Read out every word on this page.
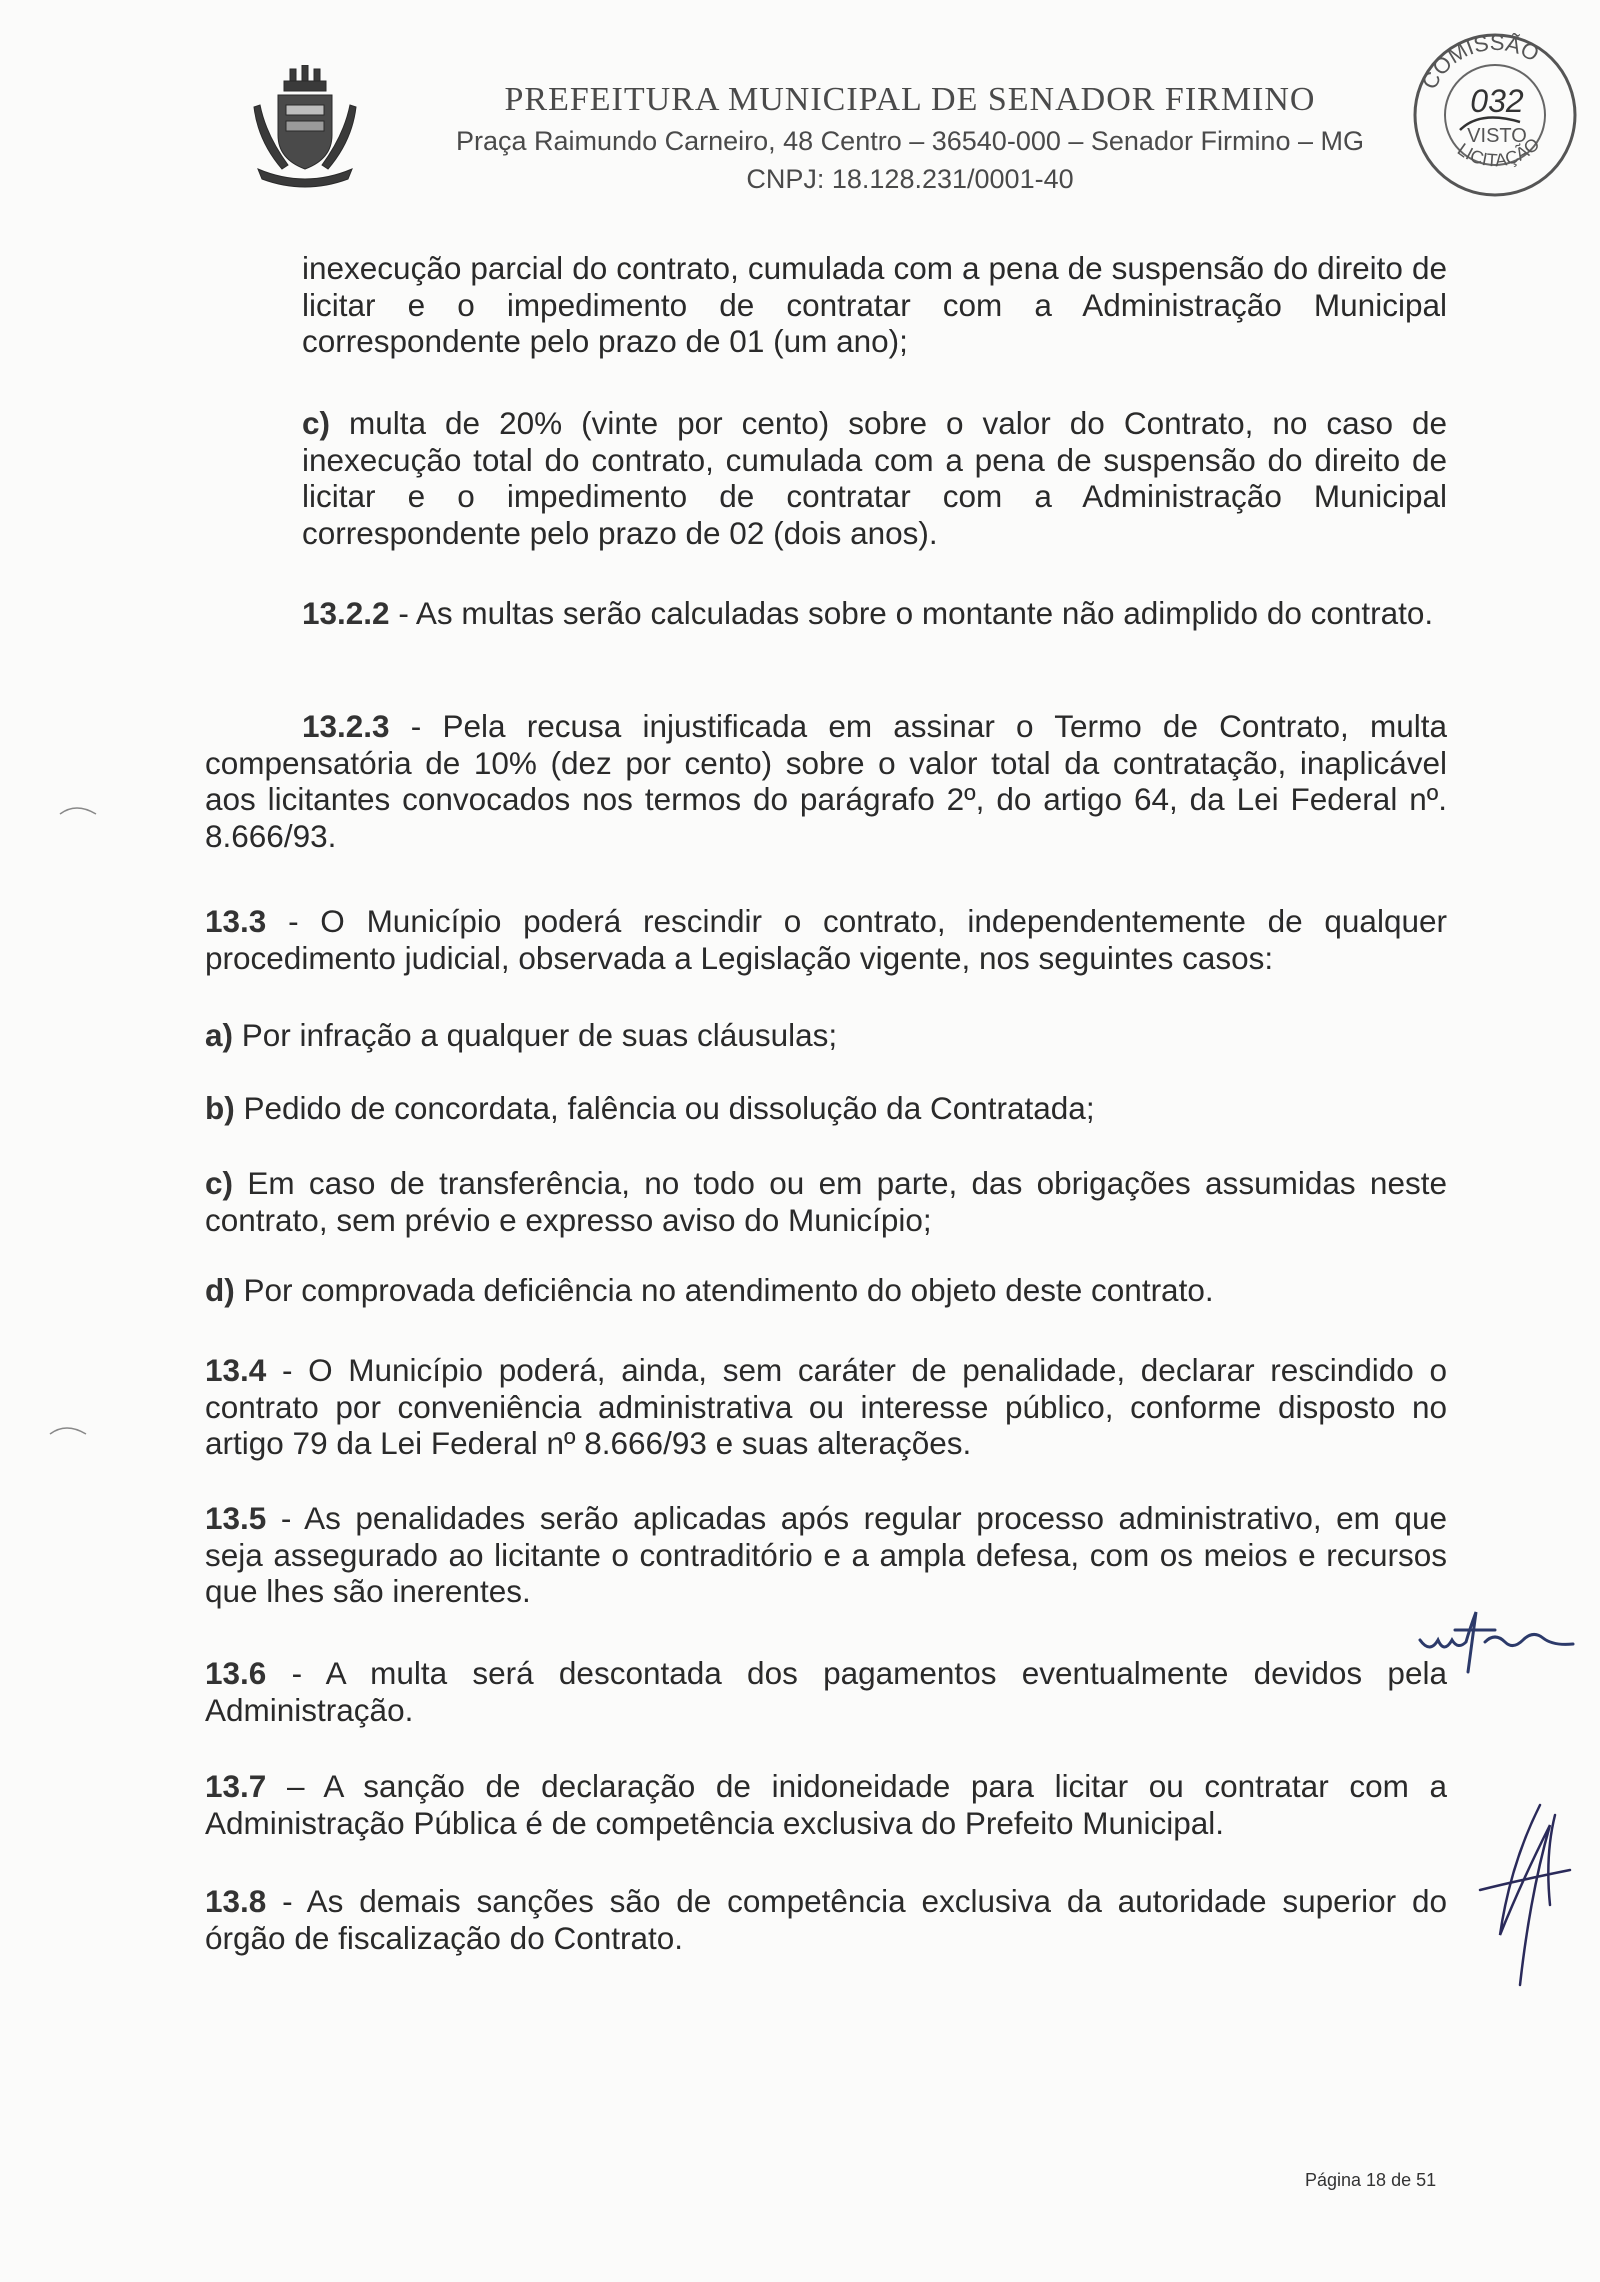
PREFEITURA MUNICIPAL DE SENADOR FIRMINO
Praça Raimundo Carneiro, 48 Centro – 36540-000 – Senador Firmino – MG
CNPJ: 18.128.231/0001-40
COMISSÃO
LICITAÇÃO
032
VISTO
inexecução parcial do contrato, cumulada com a pena de suspensão do direito de licitar e o impedimento de contratar com a Administração Municipal correspondente pelo prazo de 01 (um ano);
c) multa de 20% (vinte por cento) sobre o valor do Contrato, no caso de inexecução total do contrato, cumulada com a pena de suspensão do direito de licitar e o impedimento de contratar com a Administração Municipal correspondente pelo prazo de 02 (dois anos).
13.2.2 - As multas serão calculadas sobre o montante não adimplido do contrato.
13.2.3 - Pela recusa injustificada em assinar o Termo de Contrato, multa compensatória de 10% (dez por cento) sobre o valor total da contratação, inaplicável aos licitantes convocados nos termos do parágrafo 2º, do artigo 64, da Lei Federal nº. 8.666/93.
13.3 - O Município poderá rescindir o contrato, independentemente de qualquer procedimento judicial, observada a Legislação vigente, nos seguintes casos:
a) Por infração a qualquer de suas cláusulas;
b) Pedido de concordata, falência ou dissolução da Contratada;
c) Em caso de transferência, no todo ou em parte, das obrigações assumidas neste contrato, sem prévio e expresso aviso do Município;
d) Por comprovada deficiência no atendimento do objeto deste contrato.
13.4 - O Município poderá, ainda, sem caráter de penalidade, declarar rescindido o contrato por conveniência administrativa ou interesse público, conforme disposto no artigo 79 da Lei Federal nº 8.666/93 e suas alterações.
13.5 - As penalidades serão aplicadas após regular processo administrativo, em que seja assegurado ao licitante o contraditório e a ampla defesa, com os meios e recursos que lhes são inerentes.
13.6 - A multa será descontada dos pagamentos eventualmente devidos pela Administração.
13.7 – A sanção de declaração de inidoneidade para licitar ou contratar com a Administração Pública é de competência exclusiva do Prefeito Municipal.
13.8 - As demais sanções são de competência exclusiva da autoridade superior do órgão de fiscalização do Contrato.
Página 18 de 51
